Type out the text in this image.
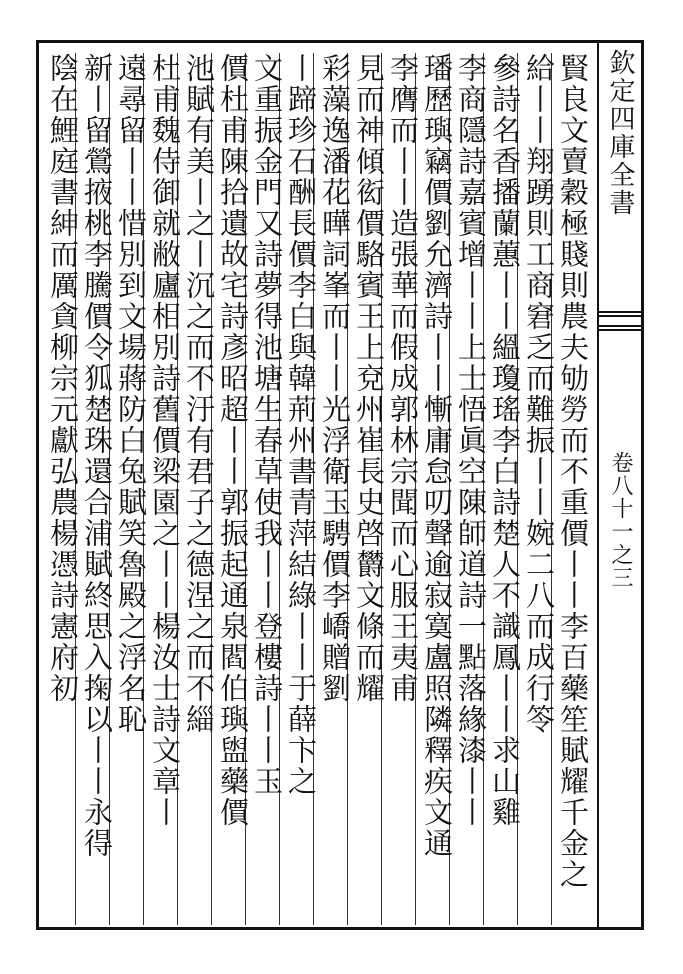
欽定四庫全書
卷八十一之三
賢良文賣穀極賤則農夫劬勞而不重價丨丨李百藥笙賦耀千金之
給丨丨翔踴則工商窘乏而難振丨丨婉二八而成行笭
參詩名香播蘭蕙丨丨縕瓊瑤李白詩楚人不識鳳丨丨求山雞
李商隱詩嘉賓增丨丨上士悟眞空陳師道詩一點落緣漆丨丨
璠歷璵竊價劉允濟詩丨丨慚庸怠叨聲逾寂寞盧照隣釋疾文通
李膺而丨丨造張華而假成郭林宗聞而心服王夷甫
見而神傾衒價駱賓王上兗州崔長史啓欝文條而耀
彩藻逸潘花曄詞峯而丨丨光浮衛玉騁價李嶠贈劉
丨蹄珍石酬長價李白與韓荊州書青萍結綠丨丨于薛卞之
文重振金門又詩夢得池塘生春草使我丨丨登樓詩丨丨玉
價杜甫陳拾遺故宅詩彥昭超丨丨郭振起通泉閻伯璵盥藥價
池賦有美丨之丨沉之而不汙有君子之德涅之而不緇
杜甫魏侍御就敝廬相別詩舊價梁園之丨丨楊汝士詩文章丨
遠尋留丨丨惜別到文場蔣防白兔賦笑魯殿之浮名恥
新丨留鶯掖桃李騰價令狐楚珠還合浦賦終思入掬以丨丨永得
陰在鯉庭書紳而厲貪柳宗元獻弘農楊憑詩憲府初
